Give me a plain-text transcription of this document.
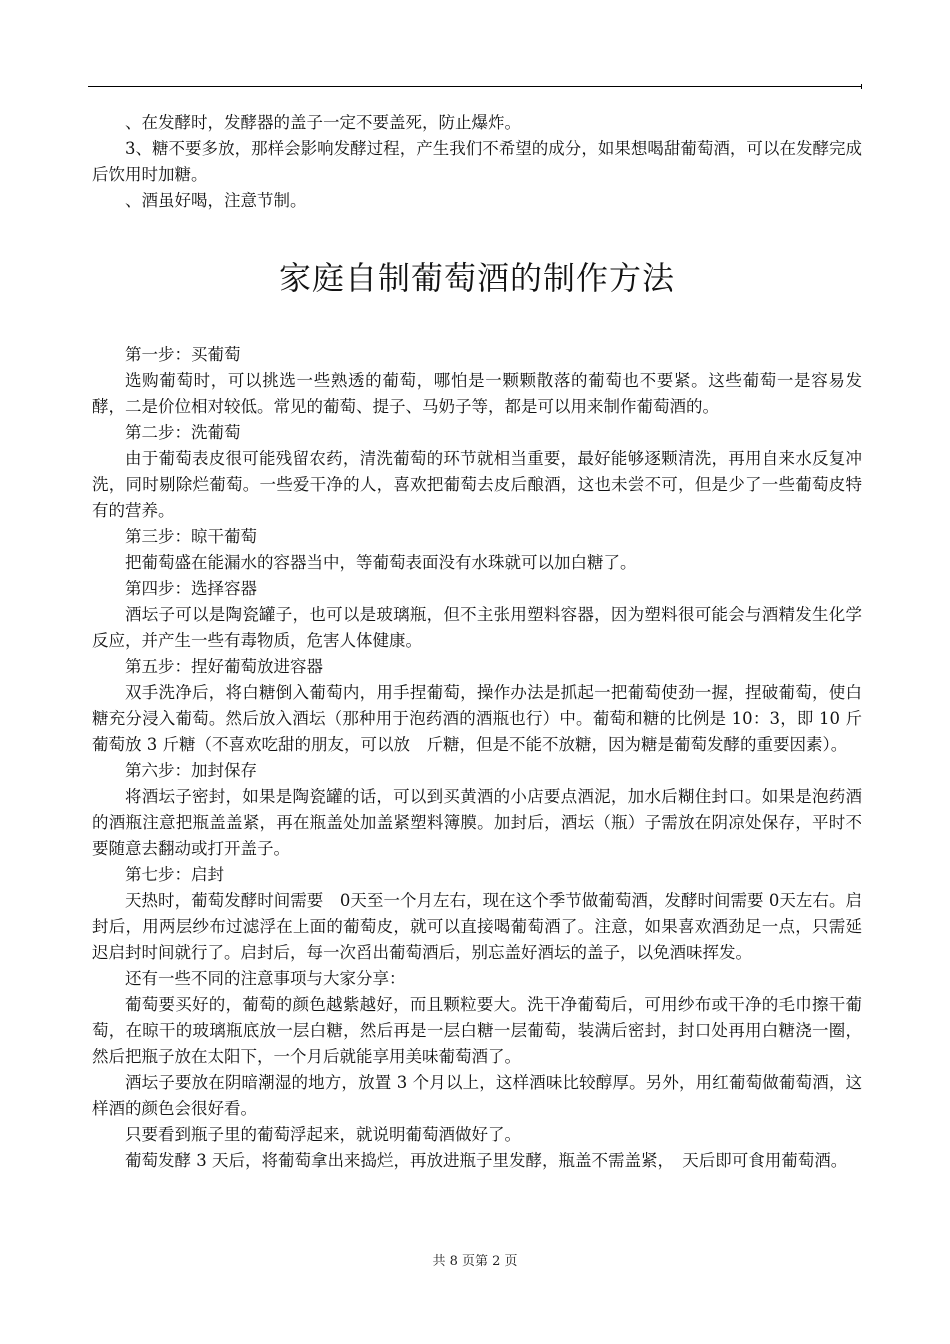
、在发酵时，发酵器的盖子一定不要盖死，防止爆炸。

3、糖不要多放，那样会影响发酵过程，产生我们不希望的成分，如果想喝甜葡萄酒，可以在发酵完成后饮用时加糖。

、酒虽好喝，注意节制。

家庭自制葡萄酒的制作方法

第一步：买葡萄

选购葡萄时，可以挑选一些熟透的葡萄，哪怕是一颗颗散落的葡萄也不要紧。这些葡萄一是容易发酵，二是价位相对较低。常见的葡萄、提子、马奶子等，都是可以用来制作葡萄酒的。

第二步：洗葡萄

由于葡萄表皮很可能残留农药，清洗葡萄的环节就相当重要，最好能够逐颗清洗，再用自来水反复冲洗，同时剔除烂葡萄。一些爱干净的人，喜欢把葡萄去皮后酿酒，这也未尝不可，但是少了一些葡萄皮特有的营养。

第三步：晾干葡萄

把葡萄盛在能漏水的容器当中，等葡萄表面没有水珠就可以加白糖了。

第四步：选择容器

酒坛子可以是陶瓷罐子，也可以是玻璃瓶，但不主张用塑料容器，因为塑料很可能会与酒精发生化学反应，并产生一些有毒物质，危害人体健康。

第五步：捏好葡萄放进容器

双手洗净后，将白糖倒入葡萄内，用手捏葡萄，操作办法是抓起一把葡萄使劲一握，捏破葡萄，使白糖充分浸入葡萄。然后放入酒坛（那种用于泡药酒的酒瓶也行）中。葡萄和糖的比例是 10：3，即 10 斤葡萄放 3 斤糖（不喜欢吃甜的朋友，可以放　斤糖，但是不能不放糖，因为糖是葡萄发酵的重要因素）。

第六步：加封保存

将酒坛子密封，如果是陶瓷罐的话，可以到买黄酒的小店要点酒泥，加水后糊住封口。如果是泡药酒的酒瓶注意把瓶盖盖紧，再在瓶盖处加盖紧塑料簿膜。加封后，酒坛（瓶）子需放在阴凉处保存，平时不要随意去翻动或打开盖子。

第七步：启封

天热时，葡萄发酵时间需要　0天至一个月左右，现在这个季节做葡萄酒，发酵时间需要 0天左右。启封后，用两层纱布过滤浮在上面的葡萄皮，就可以直接喝葡萄酒了。注意，如果喜欢酒劲足一点，只需延迟启封时间就行了。启封后，每一次舀出葡萄酒后，别忘盖好酒坛的盖子，以免酒味挥发。

还有一些不同的注意事项与大家分享：

葡萄要买好的，葡萄的颜色越紫越好，而且颗粒要大。洗干净葡萄后，可用纱布或干净的毛巾擦干葡萄，在晾干的玻璃瓶底放一层白糖，然后再是一层白糖一层葡萄，装满后密封，封口处再用白糖浇一圈，然后把瓶子放在太阳下，一个月后就能享用美味葡萄酒了。

酒坛子要放在阴暗潮湿的地方，放置 3 个月以上，这样酒味比较醇厚。另外，用红葡萄做葡萄酒，这样酒的颜色会很好看。

只要看到瓶子里的葡萄浮起来，就说明葡萄酒做好了。

葡萄发酵 3 天后，将葡萄拿出来捣烂，再放进瓶子里发酵，瓶盖不需盖紧，　天后即可食用葡萄酒。

共 8 页第 2 页
